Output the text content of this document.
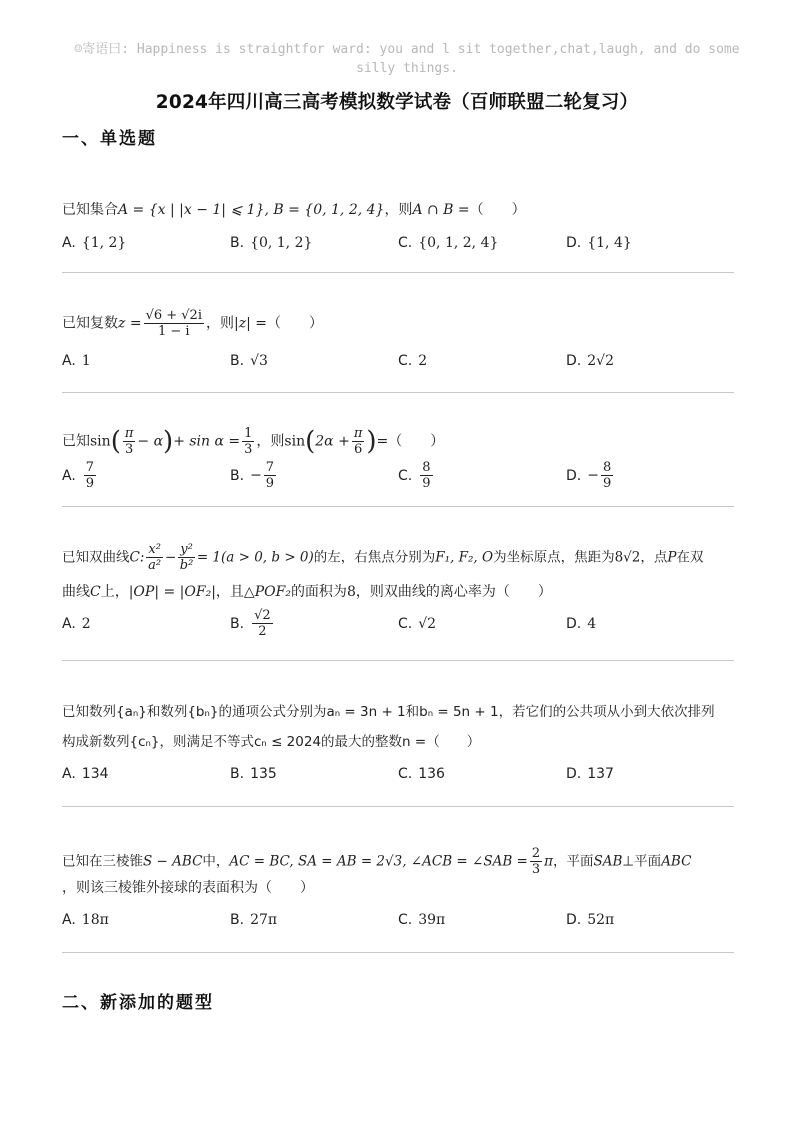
☺寄语曰: Happiness is straightfor ward: you and l sit together,chat,laugh, and do some silly things.
2024年四川高三高考模拟数学试卷（百师联盟二轮复习）
一、单选题
已知集合A = {x | |x − 1| ⩽ 1}, B = {0, 1, 2, 4}，则A ∩ B =（　　）
A. {1, 2}	B. {0, 1, 2}	C. {0, 1, 2, 4}	D. {1, 4}
已知复数$z = \frac{√6 + √2i}{1 - i}$ ，则|z| =（　　）
A. 1	B. √3	C. 2	D. 2√2
已知$\sin( \frac{\pi}{3} - \alpha)+ \sin \alpha = \frac{1}{3}$ ，则$\sin(2\alpha + \frac{\pi}{6}$ )=（　　）
A. $\frac{7}{9}$	B. − $\frac{7}{9}$	C. $\frac{8}{9}$	D. − $\frac{8}{9}$
已知双曲线C: $\frac{\text{x²}}{\text{a²}} - \frac{\text{y²}}{\text{b²}} = 1(a > 0$, b > 0)的左，右焦点分别为F₁, F₂, O为坐标原点，焦距为8√2，点P在双
曲线C上，|OP| = |OF₂|，且△POF₂的面积为8，则双曲线的离心率为（　　）
A. 2	B. $\frac{√2}{2}$	C. √2	D. 4
已知数列{aₙ}和数列{bₙ}的通项公式分别为aₙ = 3n + 1和bₙ = 5n + 1，若它们的公共项从小到大依次排列
构成新数列{cₙ}，则满足不等式cₙ ≤ 2024的最大的整数n =（　　）
A. 134	B. 135	C. 136	D. 137
已知在三棱锥S − ABC中，AC = BC, SA = AB = 2√3, ∠ACB = ∠SAB = $\frac{2}{3}$ π，平面SAB⊥平面ABC
，则该三棱锥外接球的表面积为（　　）
A. 18π	B. 27π	C. 39π	D. 52π
二、新添加的题型
